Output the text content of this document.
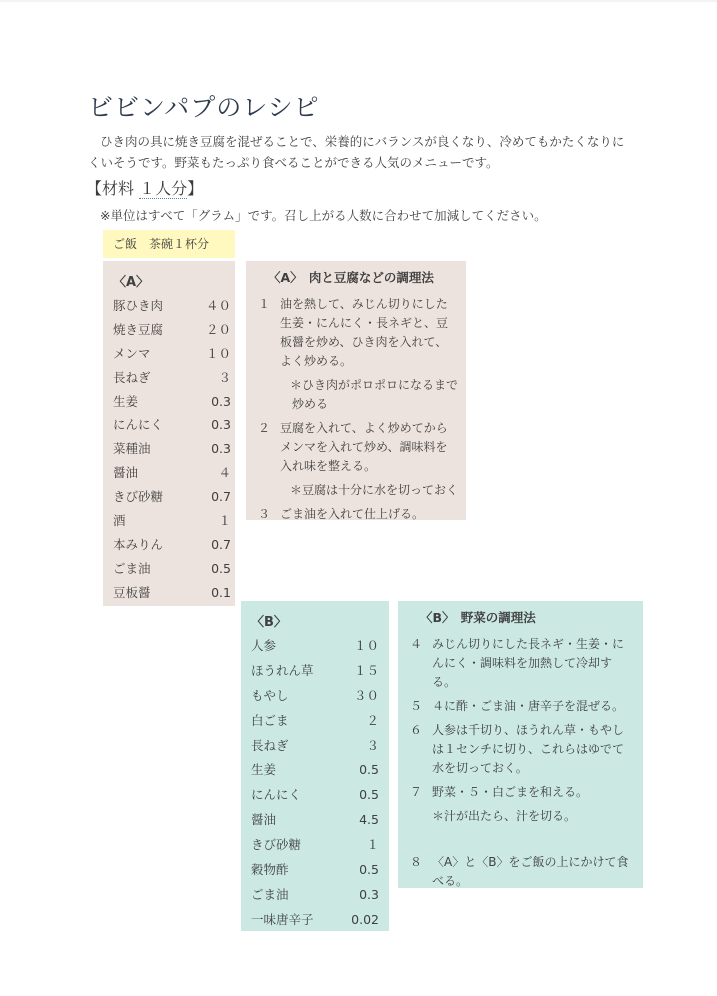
ビビンパプのレシピ
ひき肉の具に焼き豆腐を混ぜることで、栄養的にバランスが良くなり、冷めてもかたくなりにくいそうです。野菜もたっぷり食べることができる人気のメニューです。
【材料 １人分】
※単位はすべて「グラム」です。召し上がる人数に合わせて加減してください。
ご飯　茶碗１杯分
〈A〉
豚ひき肉	４０
焼き豆腐	２０
メンマ	１０
長ねぎ	３
生姜	0.3
にんにく	0.3
菜種油	0.3
醤油	４
きび砂糖	0.7
酒	１
本みりん	0.7
ごま油	0.5
豆板醤	0.1
〈A〉　肉と豆腐などの調理法
１ 油を熱して、みじん切りにした生姜・にんにく・長ネギと、豆板醤を炒め、ひき肉を入れて、よく炒める。
＊ひき肉がポロポロになるまで炒める
２ 豆腐を入れて、よく炒めてからメンマを入れて炒め、調味料を入れ味を整える。
＊豆腐は十分に水を切っておく
３ ごま油を入れて仕上げる。
〈B〉
人参	１０
ほうれん草	１５
もやし	３０
白ごま	２
長ねぎ	３
生姜	0.5
にんにく	0.5
醤油	4.5
きび砂糖	１
穀物酢	0.5
ごま油	0.3
一味唐辛子	0.02
〈B〉　野菜の調理法
４ みじん切りにした長ネギ・生姜・にんにく・調味料を加熱して冷却する。
５ ４に酢・ごま油・唐辛子を混ぜる。
６ 人参は千切り、ほうれん草・もやしは１センチに切り、これらはゆでて水を切っておく。
７ 野菜・５・白ごまを和える。
＊汁が出たら、汁を切る。
８ 〈A〉と〈B〉をご飯の上にかけて食べる。
